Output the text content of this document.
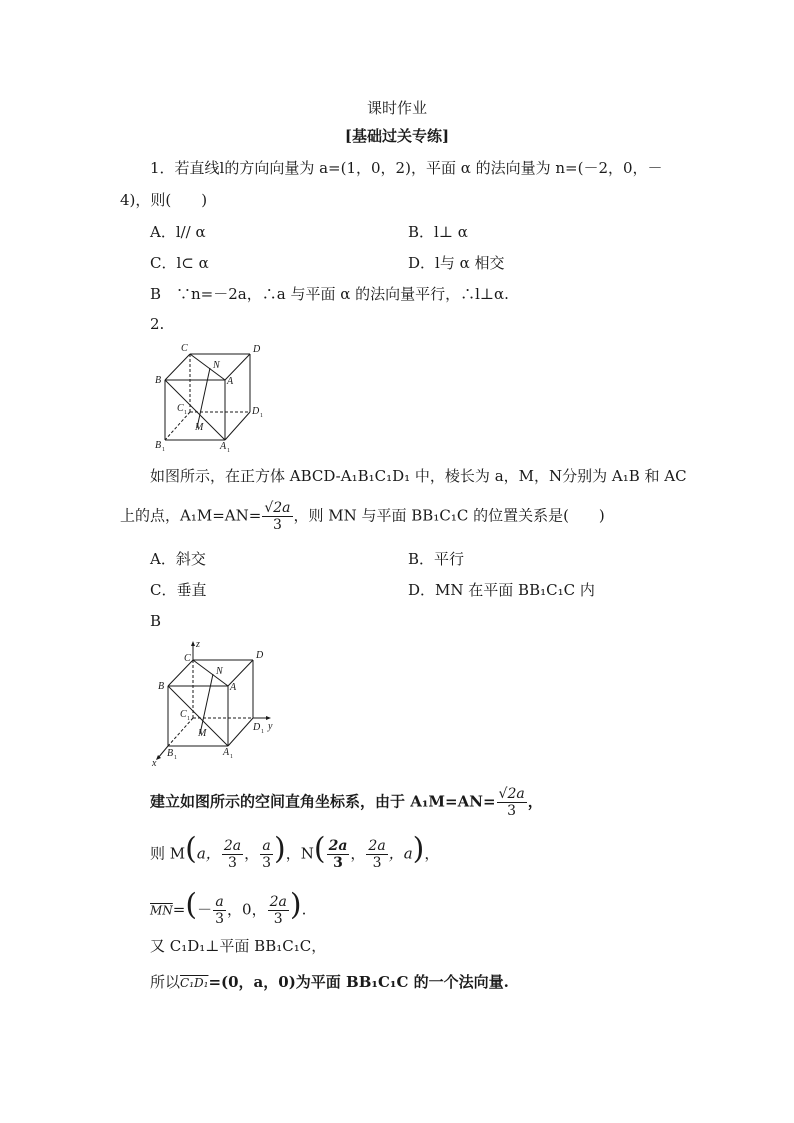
课时作业
[基础过关专练]
1．若直线l的方向向量为 a=(1，0，2)，平面 α 的法向量为 n=(－2，0，－
4)，则(　　)
A．l// α	B．l⊥ α
C．l⊂ α	D．l与 α 相交
B　∵n=－2a，∴a 与平面 α 的法向量平行，∴l⊥α.
2.
C	D
N
B	A
C	D
M
B	A
1	1
1	1
如图所示，在正方体 ABCD-A₁B₁C₁D₁ 中，棱长为 a，M，N分别为 A₁B 和 AC
上的点，$A_1M=AN= \frac{√2a}{3}$ ，则 MN 与平面 BB₁C₁C 的位置关系是(　　)
A．斜交	B．平行
C．垂直	D．MN 在平面 BB₁C₁C 内
B
z
C	D
N
B	A
C
D y
M
B	A
x
1
1
1	1
建立如图所示的空间直角坐标系，由于 $A_1M=AN= \frac{√2a}{3}$ ，
则 M(a， $\frac{2a}{3}$ ， $\frac{a}{3}$ )，$N( \frac{2a}{3}$ ， $\frac{2a}{3}$ ，a)，
$\overline{MN}=(- \frac{a}{3}$ ，0， $\frac{2a}{3}$ ).
又 C₁D₁⊥平面 BB₁C₁C，
所以C₁D₁=(0，a，0)为平面 BB₁C₁C 的一个法向量.
